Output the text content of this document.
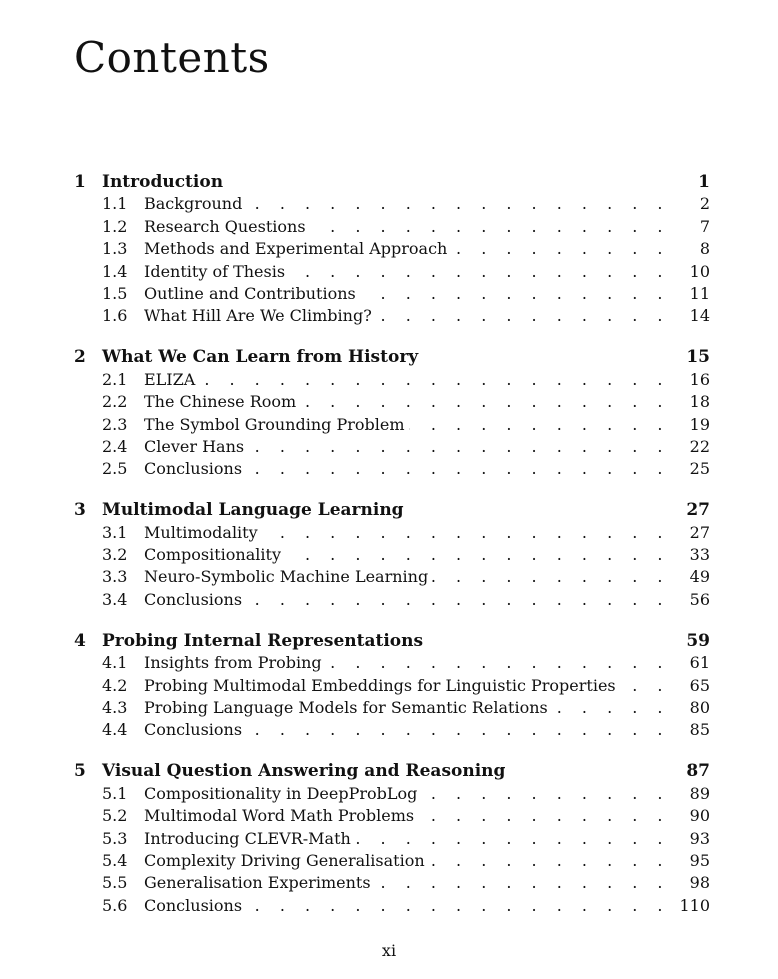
Contents
1 Introduction	1
1.1	Background . . .	2
1.2	Research Questions . . .	7
1.3	Methods and Experimental Approach . . .	8
1.4	Identity of Thesis . . .	10
1.5	Outline and Contributions . . .	11
1.6	What Hill Are We Climbing? . . .	14
2 What We Can Learn from History	15
2.1	ELIZA . . .	16
2.2	The Chinese Room . . .	18
2.3	The Symbol Grounding Problem . . .	19
2.4	Clever Hans . . .	22
2.5	Conclusions . . .	25
3 Multimodal Language Learning	27
3.1	Multimodality . . .	27
3.2	Compositionality . . .	33
3.3	Neuro-Symbolic Machine Learning . . .	49
3.4	Conclusions . . .	56
4 Probing Internal Representations	59
4.1	Insights from Probing . . .	61
4.2	Probing Multimodal Embeddings for Linguistic Properties . . .	65
4.3	Probing Language Models for Semantic Relations . . .	80
4.4	Conclusions . . .	85
5 Visual Question Answering and Reasoning	87
5.1	Compositionality in DeepProbLog . . .	89
5.2	Multimodal Word Math Problems . . .	90
5.3	Introducing CLEVR-Math . . .	93
5.4	Complexity Driving Generalisation . . .	95
5.5	Generalisation Experiments . . .	98
5.6	Conclusions . . .	110
xi
